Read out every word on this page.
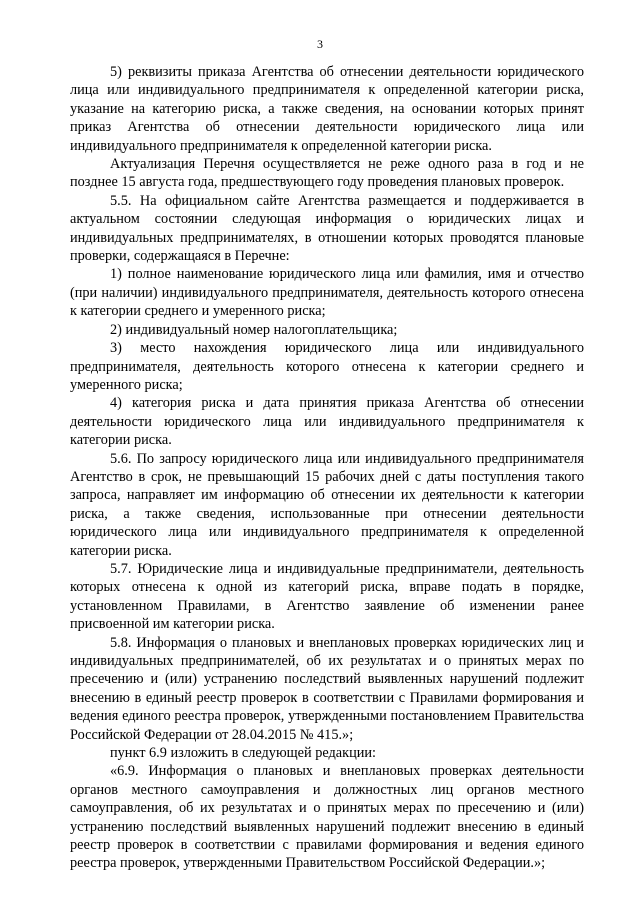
3

5) реквизиты приказа Агентства об отнесении деятельности юридического лица или индивидуального предпринимателя к определенной категории риска, указание на категорию риска, а также сведения, на основании которых принят приказ Агентства об отнесении деятельности юридического лица или индивидуального предпринимателя к определенной категории риска.

Актуализация Перечня осуществляется не реже одного раза в год и не позднее 15 августа года, предшествующего году проведения плановых проверок.

5.5. На официальном сайте Агентства размещается и поддерживается в актуальном состоянии следующая информация о юридических лицах и индивидуальных предпринимателях, в отношении которых проводятся плановые проверки, содержащаяся в Перечне:

1) полное наименование юридического лица или фамилия, имя и отчество (при наличии) индивидуального предпринимателя, деятельность которого отнесена к категории среднего и умеренного риска;

2) индивидуальный номер налогоплательщика;

3) место нахождения юридического лица или индивидуального предпринимателя, деятельность которого отнесена к категории среднего и умеренного риска;

4) категория риска и дата принятия приказа Агентства об отнесении деятельности юридического лица или индивидуального предпринимателя к категории риска.

5.6. По запросу юридического лица или индивидуального предпринимателя Агентство в срок, не превышающий 15 рабочих дней с даты поступления такого запроса, направляет им информацию об отнесении их деятельности к категории риска, а также сведения, использованные при отнесении деятельности юридического лица или индивидуального предпринимателя к определенной категории риска.

5.7. Юридические лица и индивидуальные предприниматели, деятельность которых отнесена к одной из категорий риска, вправе подать в порядке, установленном Правилами, в Агентство заявление об изменении ранее присвоенной им категории риска.

5.8. Информация о плановых и внеплановых проверках юридических лиц и индивидуальных предпринимателей, об их результатах и о принятых мерах по пресечению и (или) устранению последствий выявленных нарушений подлежит внесению в единый реестр проверок в соответствии с Правилами формирования и ведения единого реестра проверок, утвержденными постановлением Правительства Российской Федерации от 28.04.2015 № 415.»;

пункт 6.9 изложить в следующей редакции:

«6.9. Информация о плановых и внеплановых проверках деятельности органов местного самоуправления и должностных лиц органов местного самоуправления, об их результатах и о принятых мерах по пресечению и (или) устранению последствий выявленных нарушений подлежит внесению в единый реестр проверок в соответствии с правилами формирования и ведения единого реестра проверок, утвержденными Правительством Российской Федерации.»;
